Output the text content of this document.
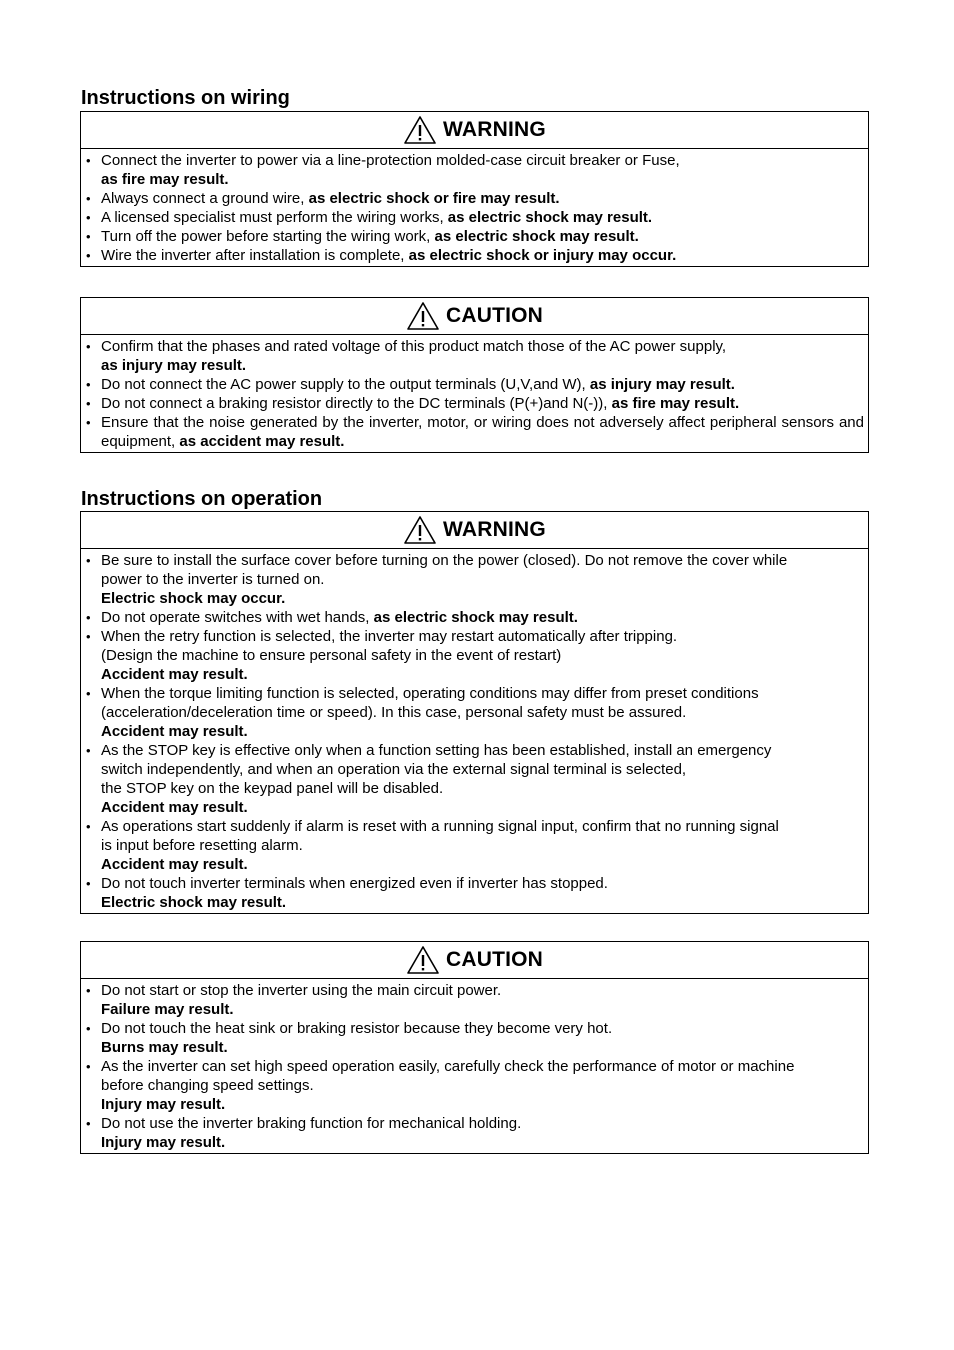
Instructions on wiring
WARNING
• Connect the inverter to power via a line-protection molded-case circuit breaker or Fuse,
as fire may result.
• Always connect a ground wire, as electric shock or fire may result.
• A licensed specialist must perform the wiring works, as electric shock may result.
• Turn off the power before starting the wiring work, as electric shock may result.
• Wire the inverter after installation is complete, as electric shock or injury may occur.
CAUTION
• Confirm that the phases and rated voltage of this product match those of the AC power supply,
as injury may result.
• Do not connect the AC power supply to the output terminals (U,V,and W), as injury may result.
• Do not connect a braking resistor directly to the DC terminals (P(+)and N(-)), as fire may result.
• Ensure that the noise generated by the inverter, motor, or wiring does not adversely affect peripheral sensors and equipment, as accident may result.
Instructions on operation
WARNING
• Be sure to install the surface cover before turning on the power (closed). Do not remove the cover while
power to the inverter is turned on.
Electric shock may occur.
• Do not operate switches with wet hands, as electric shock may result.
• When the retry function is selected, the inverter may restart automatically after tripping.
(Design the machine to ensure personal safety in the event of restart)
Accident may result.
• When the torque limiting function is selected, operating conditions may differ from preset conditions
(acceleration/deceleration time or speed). In this case, personal safety must be assured.
Accident may result.
• As the STOP key is effective only when a function setting has been established, install an emergency
switch independently, and when an operation via the external signal terminal is selected,
the STOP key on the keypad panel will be disabled.
Accident may result.
• As operations start suddenly if alarm is reset with a running signal input, confirm that no running signal
is input before resetting alarm.
Accident may result.
• Do not touch inverter terminals when energized even if inverter has stopped.
Electric shock may result.
CAUTION
• Do not start or stop the inverter using the main circuit power.
Failure may result.
• Do not touch the heat sink or braking resistor because they become very hot.
Burns may result.
• As the inverter can set high speed operation easily, carefully check the performance of motor or machine
before changing speed settings.
Injury may result.
• Do not use the inverter braking function for mechanical holding.
Injury may result.
